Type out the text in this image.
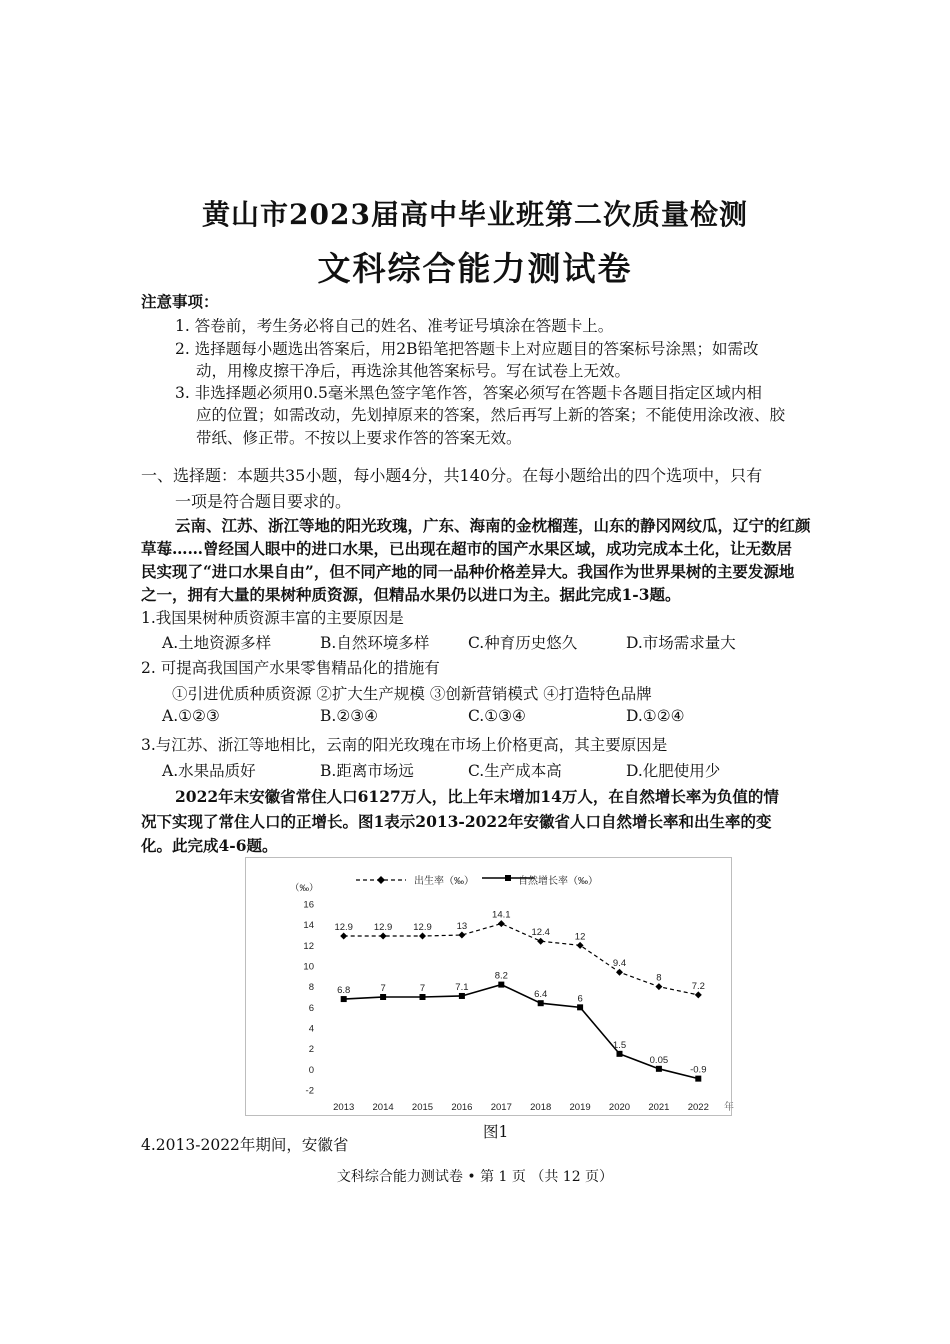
黄山市2023届高中毕业班第二次质量检测
文科综合能力测试卷
注意事项：
1. 答卷前，考生务必将自己的姓名、准考证号填涂在答题卡上。
2. 选择题每小题选出答案后，用2B铅笔把答题卡上对应题目的答案标号涂黑；如需改
动，用橡皮擦干净后，再选涂其他答案标号。写在试卷上无效。
3. 非选择题必须用0.5毫米黑色签字笔作答，答案必须写在答题卡各题目指定区域内相
应的位置；如需改动，先划掉原来的答案，然后再写上新的答案；不能使用涂改液、胶
带纸、修正带。不按以上要求作答的答案无效。
一、选择题：本题共35小题，每小题4分，共140分。在每小题给出的四个选项中，只有
一项是符合题目要求的。
云南、江苏、浙江等地的阳光玫瑰，广东、海南的金枕榴莲，山东的静冈网纹瓜，辽宁的红颜
草莓……曾经国人眼中的进口水果，已出现在超市的国产水果区域，成功完成本土化，让无数居
民实现了“进口水果自由”，但不同产地的同一品种价格差异大。我国作为世界果树的主要发源地
之一，拥有大量的果树种质资源，但精品水果仍以进口为主。据此完成1-3题。
1.我国果树种质资源丰富的主要原因是
A.土地资源多样	B.自然环境多样 C.种育历史悠久	D.市场需求量大
2. 可提高我国国产水果零售精品化的措施有
①引进优质种质资源 ②扩大生产规模 ③创新营销模式 ④打造特色品牌
A.①②③	B.②③④	C.①③④	D.①②④
3.与江苏、浙江等地相比，云南的阳光玫瑰在市场上价格更高，其主要原因是
A.水果品质好	B.距离市场远	C.生产成本高	D.化肥使用少
2022年末安徽省常住人口6127万人，比上年末增加14万人，在自然增长率为负值的情
况下实现了常住人口的正增长。图1表示2013-2022年安徽省人口自然增长率和出生率的变
化。此完成4-6题。
（‰）
-2
0
2
4
6
8
10
12
14
16
2013 2014 2015 2016 2017 2018 2019 2020 2021 2022 年
出生率（‰）	自然增长率（‰）
12.9 12.9 12.9	13
14.1
12.4	12
9.4
8
7.2
6.8	7	7	7.1
8.2
6.4	6
1.5
0.05
-0.9
图1
4.2013-2022年期间，安徽省
文科综合能力测试卷 • 第 1 页 （共 12 页）
